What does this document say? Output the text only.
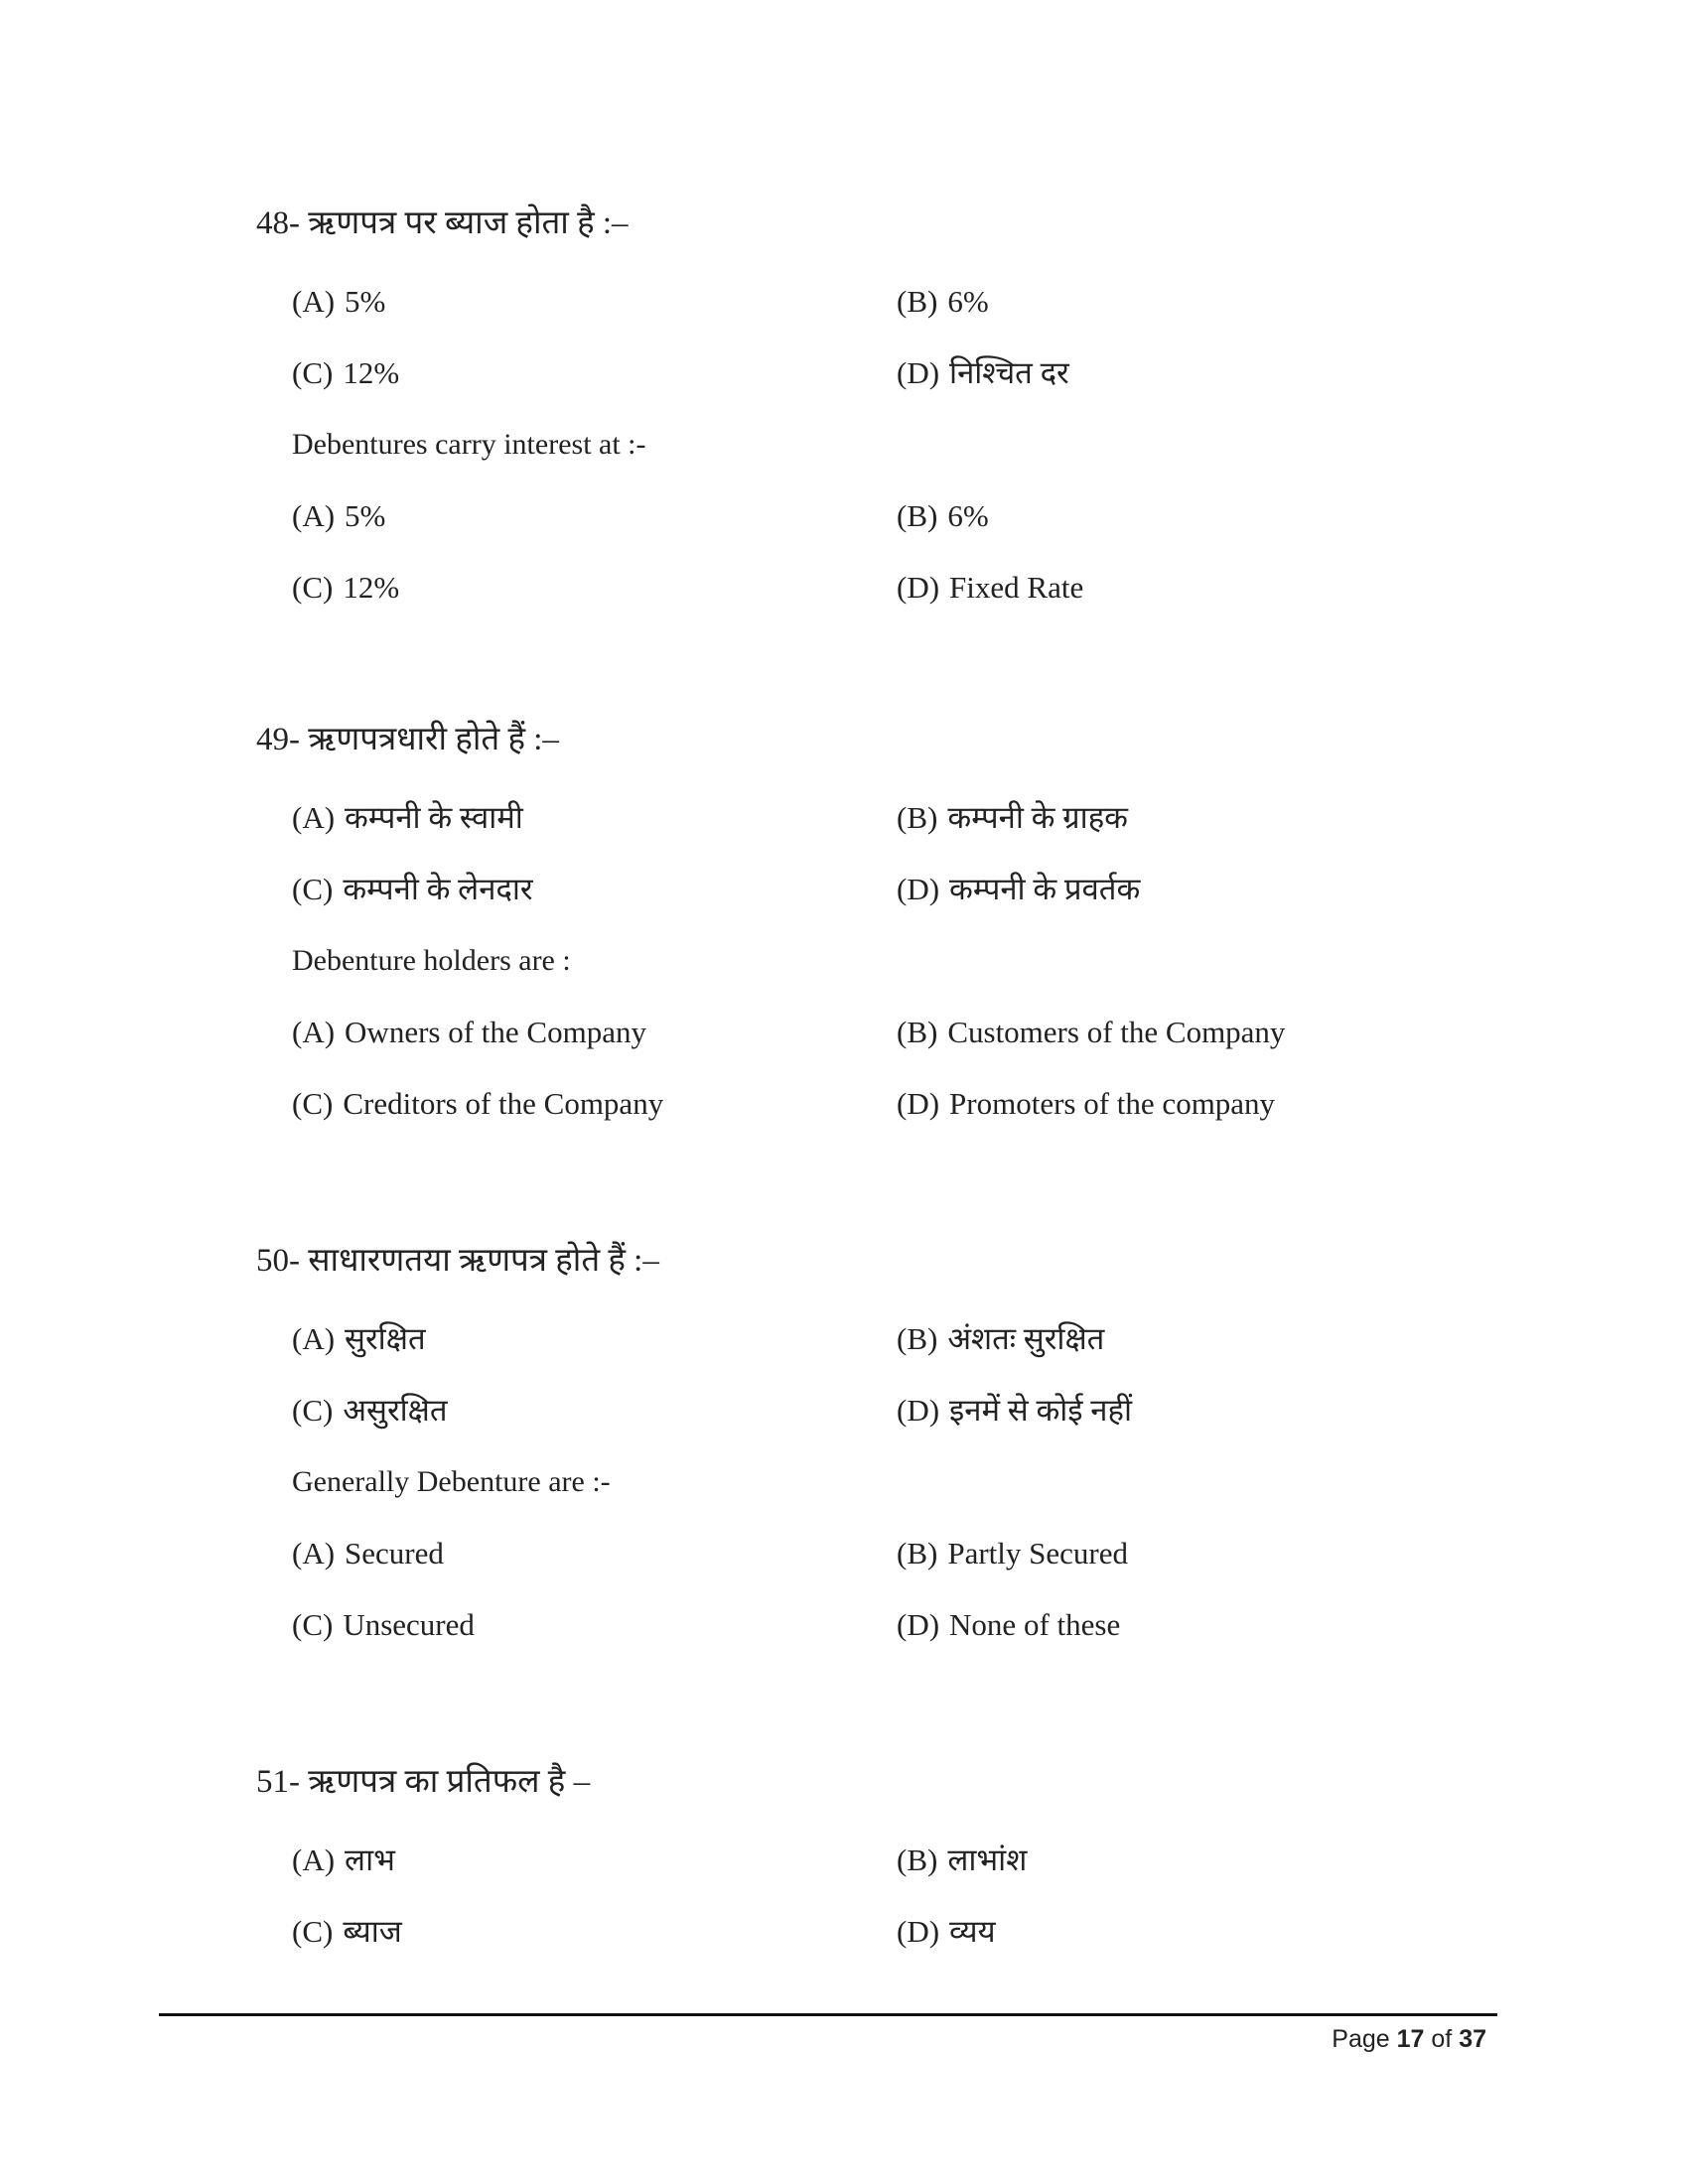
48- ऋणपत्र पर ब्याज होता है :–
(A) 5%	(B) 6%
(C) 12%	(D) निश्चित दर
Debentures carry interest at :-
(A) 5%	(B) 6%
(C) 12%	(D) Fixed Rate
49- ऋणपत्रधारी होते हैं :–
(A) कम्पनी के स्वामी	(B) कम्पनी के ग्राहक
(C) कम्पनी के लेनदार	(D) कम्पनी के प्रवर्तक
Debenture holders are :
(A) Owners of the Company	(B) Customers of the Company
(C) Creditors of the Company	(D) Promoters of the company
50- साधारणतया ऋणपत्र होते हैं :–
(A) सुरक्षित	(B) अंशतः सुरक्षित
(C) असुरक्षित	(D) इनमें से कोई नहीं
Generally Debenture are :-
(A) Secured	(B) Partly Secured
(C) Unsecured	(D) None of these
51- ऋणपत्र का प्रतिफल है –
(A) लाभ	(B) लाभांश
(C) ब्याज	(D) व्यय
Page 17 of 37
